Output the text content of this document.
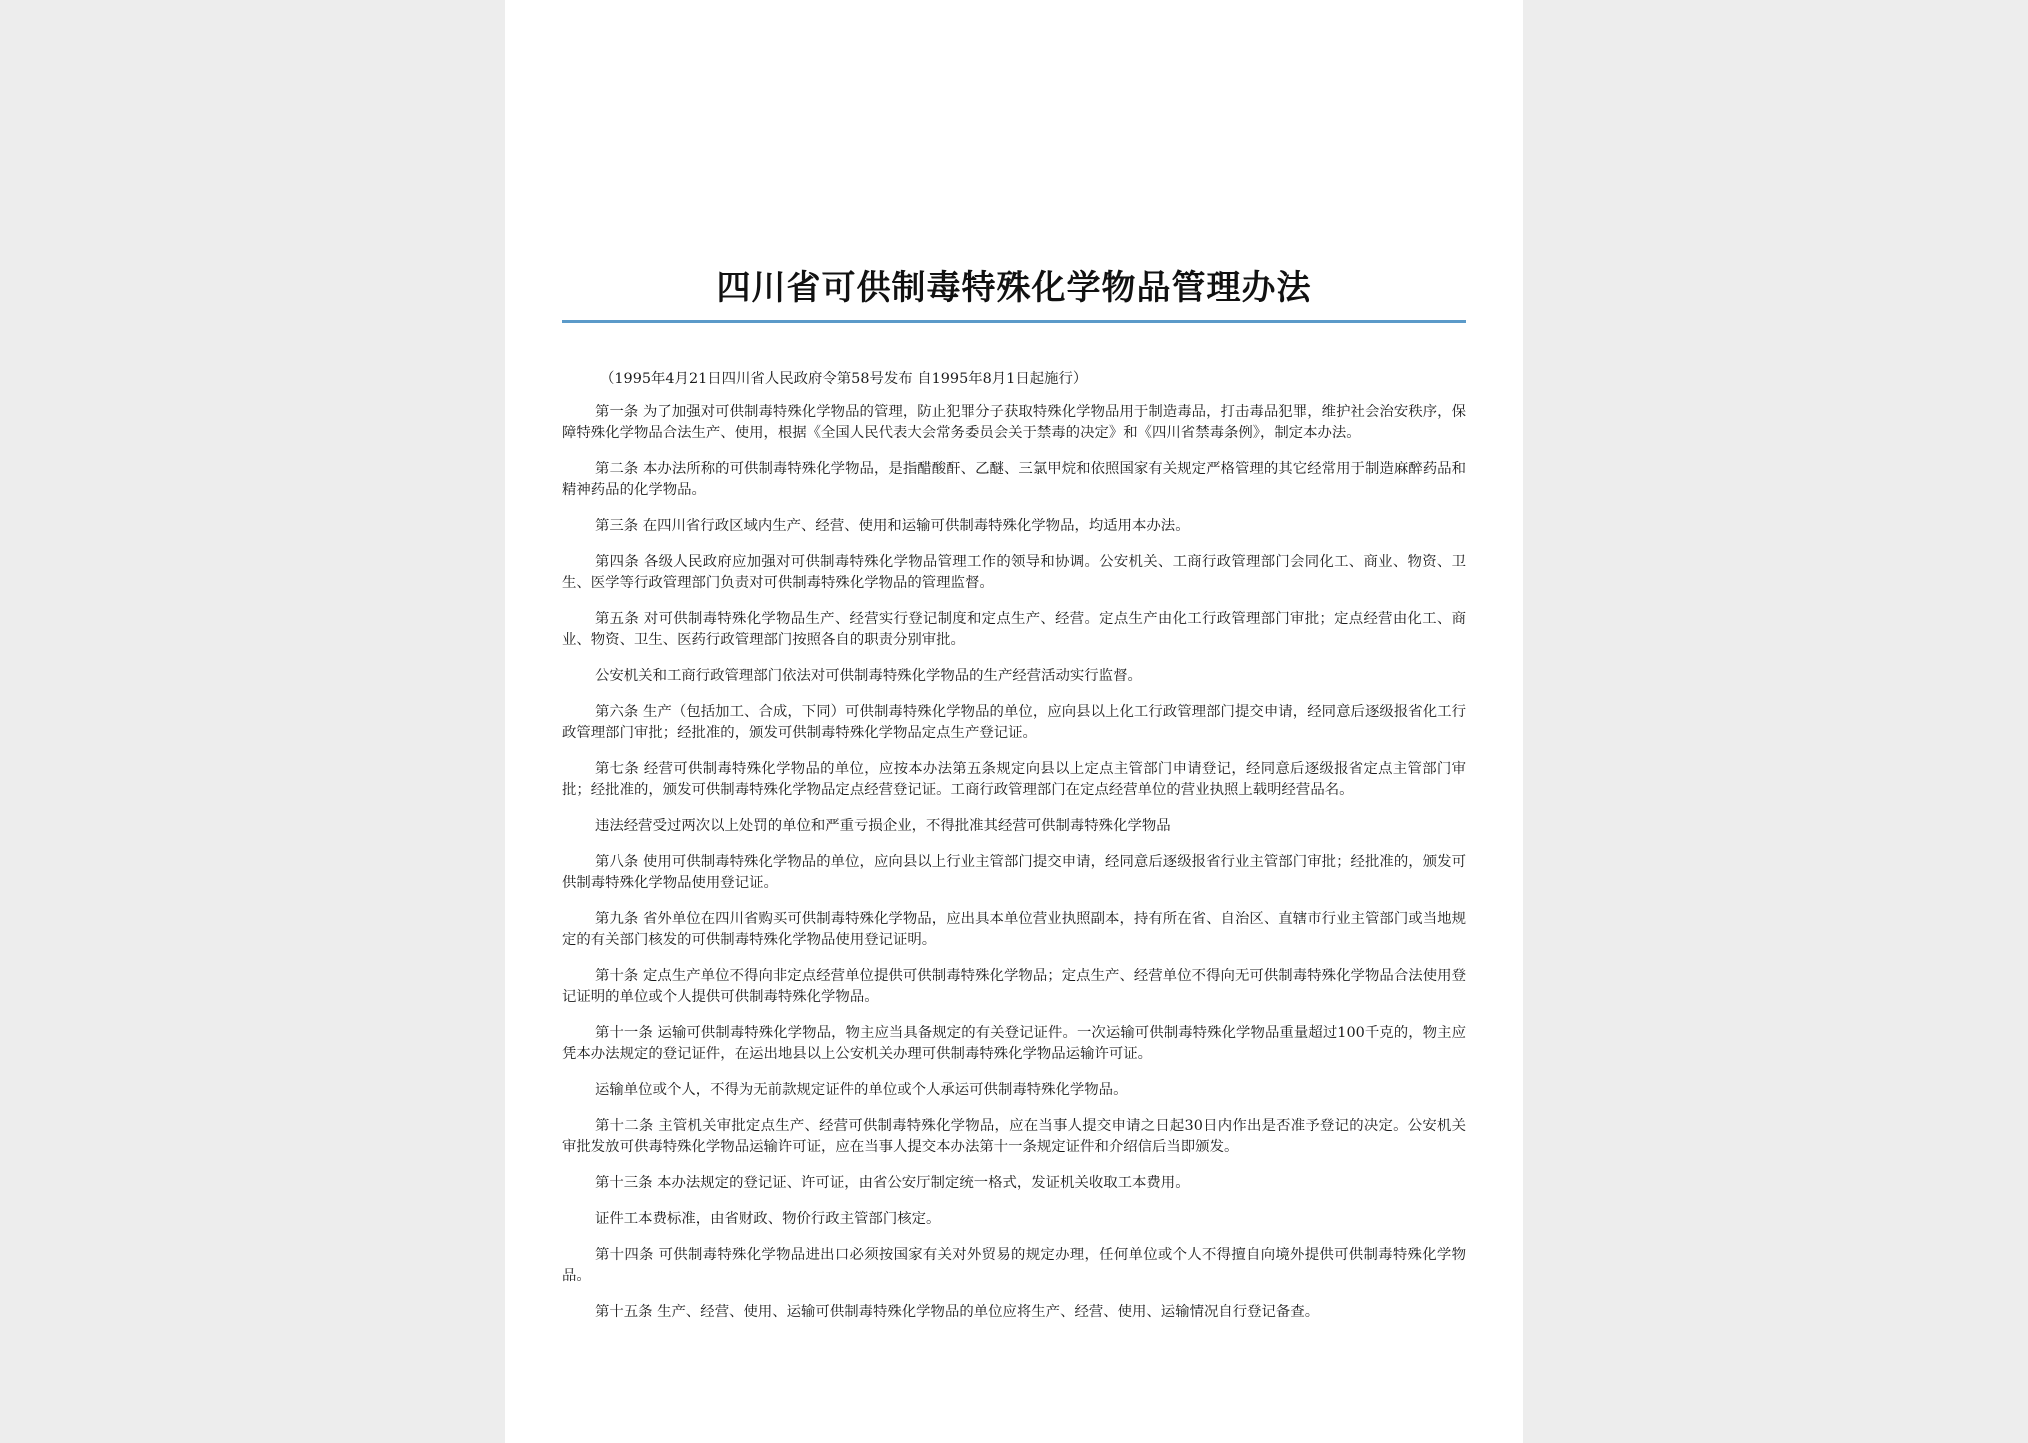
四川省可供制毒特殊化学物品管理办法
（1995年4月21日四川省人民政府令第58号发布 自1995年8月1日起施行）

第一条 为了加强对可供制毒特殊化学物品的管理，防止犯罪分子获取特殊化学物品用于制造毒品，打击毒品犯罪，维护社会治安秩序，保障特殊化学物品合法生产、使用，根据《全国人民代表大会常务委员会关于禁毒的决定》和《四川省禁毒条例》，制定本办法。

第二条 本办法所称的可供制毒特殊化学物品，是指醋酸酐、乙醚、三氯甲烷和依照国家有关规定严格管理的其它经常用于制造麻醉药品和精神药品的化学物品。

第三条 在四川省行政区域内生产、经营、使用和运输可供制毒特殊化学物品，均适用本办法。

第四条 各级人民政府应加强对可供制毒特殊化学物品管理工作的领导和协调。公安机关、工商行政管理部门会同化工、商业、物资、卫生、医学等行政管理部门负责对可供制毒特殊化学物品的管理监督。

第五条 对可供制毒特殊化学物品生产、经营实行登记制度和定点生产、经营。定点生产由化工行政管理部门审批；定点经营由化工、商业、物资、卫生、医药行政管理部门按照各自的职责分别审批。

公安机关和工商行政管理部门依法对可供制毒特殊化学物品的生产经营活动实行监督。

第六条 生产（包括加工、合成，下同）可供制毒特殊化学物品的单位，应向县以上化工行政管理部门提交申请，经同意后逐级报省化工行政管理部门审批；经批准的，颁发可供制毒特殊化学物品定点生产登记证。

第七条 经营可供制毒特殊化学物品的单位，应按本办法第五条规定向县以上定点主管部门申请登记，经同意后逐级报省定点主管部门审批；经批准的，颁发可供制毒特殊化学物品定点经营登记证。工商行政管理部门在定点经营单位的营业执照上载明经营品名。

违法经营受过两次以上处罚的单位和严重亏损企业，不得批准其经营可供制毒特殊化学物品

第八条 使用可供制毒特殊化学物品的单位，应向县以上行业主管部门提交申请，经同意后逐级报省行业主管部门审批；经批准的，颁发可供制毒特殊化学物品使用登记证。

第九条 省外单位在四川省购买可供制毒特殊化学物品，应出具本单位营业执照副本，持有所在省、自治区、直辖市行业主管部门或当地规定的有关部门核发的可供制毒特殊化学物品使用登记证明。

第十条 定点生产单位不得向非定点经营单位提供可供制毒特殊化学物品；定点生产、经营单位不得向无可供制毒特殊化学物品合法使用登记证明的单位或个人提供可供制毒特殊化学物品。

第十一条 运输可供制毒特殊化学物品，物主应当具备规定的有关登记证件。一次运输可供制毒特殊化学物品重量超过100千克的，物主应凭本办法规定的登记证件，在运出地县以上公安机关办理可供制毒特殊化学物品运输许可证。

运输单位或个人，不得为无前款规定证件的单位或个人承运可供制毒特殊化学物品。

第十二条 主管机关审批定点生产、经营可供制毒特殊化学物品，应在当事人提交申请之日起30日内作出是否准予登记的决定。公安机关审批发放可供毒特殊化学物品运输许可证，应在当事人提交本办法第十一条规定证件和介绍信后当即颁发。

第十三条 本办法规定的登记证、许可证，由省公安厅制定统一格式，发证机关收取工本费用。

证件工本费标准，由省财政、物价行政主管部门核定。

第十四条 可供制毒特殊化学物品进出口必须按国家有关对外贸易的规定办理，任何单位或个人不得擅自向境外提供可供制毒特殊化学物品。

第十五条 生产、经营、使用、运输可供制毒特殊化学物品的单位应将生产、经营、使用、运输情况自行登记备查。
